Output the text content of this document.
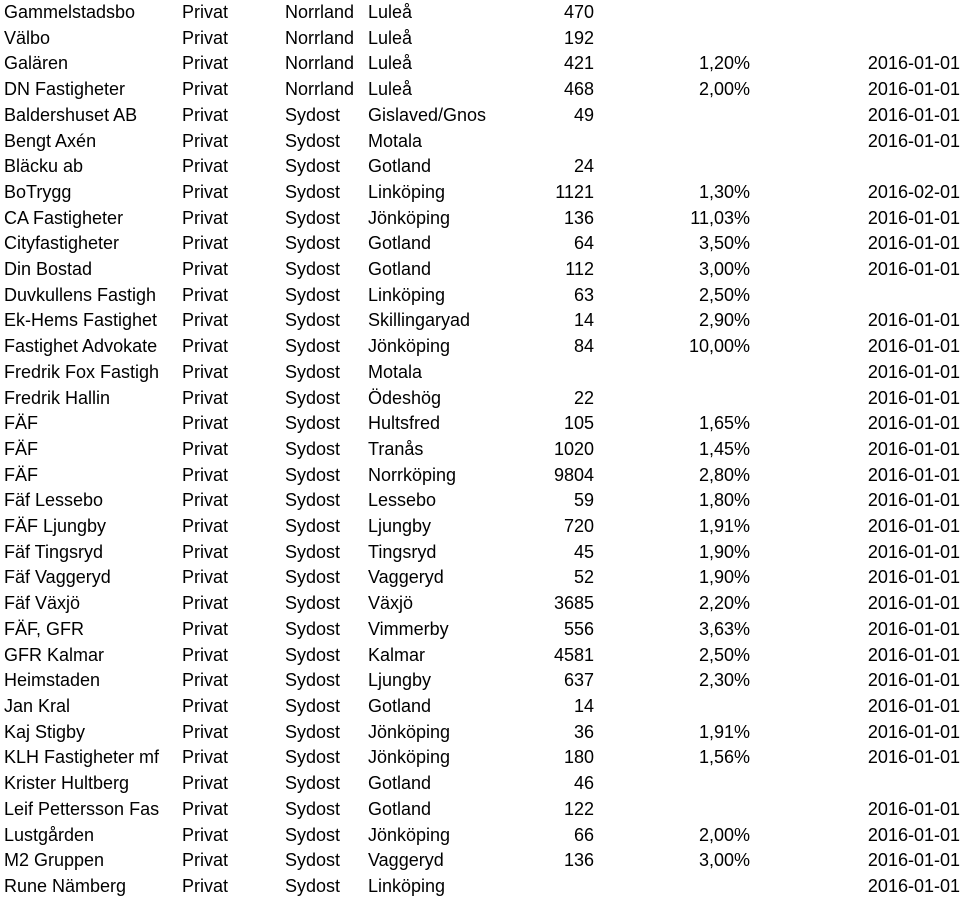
Gammelstadsbo	Privat	Norrland	Luleå	470		
Välbo	Privat	Norrland	Luleå	192		
Galären	Privat	Norrland	Luleå	421	1,20%	2016-01-01
DN Fastigheter	Privat	Norrland	Luleå	468	2,00%	2016-01-01
Baldershuset AB	Privat	Sydost	Gislaved/Gnos	49		2016-01-01
Bengt Axén	Privat	Sydost	Motala			2016-01-01
Bläcku ab	Privat	Sydost	Gotland	24		
BoTrygg	Privat	Sydost	Linköping	1121	1,30%	2016-02-01
CA Fastigheter	Privat	Sydost	Jönköping	136	11,03%	2016-01-01
Cityfastigheter	Privat	Sydost	Gotland	64	3,50%	2016-01-01
Din Bostad	Privat	Sydost	Gotland	112	3,00%	2016-01-01
Duvkullens Fastigh	Privat	Sydost	Linköping	63	2,50%	
Ek-Hems Fastighet	Privat	Sydost	Skillingaryad	14	2,90%	2016-01-01
Fastighet Advokate	Privat	Sydost	Jönköping	84	10,00%	2016-01-01
Fredrik Fox Fastigh	Privat	Sydost	Motala			2016-01-01
Fredrik Hallin	Privat	Sydost	Ödeshög	22		2016-01-01
FÄF	Privat	Sydost	Hultsfred	105	1,65%	2016-01-01
FÄF	Privat	Sydost	Tranås	1020	1,45%	2016-01-01
FÄF	Privat	Sydost	Norrköping	9804	2,80%	2016-01-01
Fäf Lessebo	Privat	Sydost	Lessebo	59	1,80%	2016-01-01
FÄF Ljungby	Privat	Sydost	Ljungby	720	1,91%	2016-01-01
Fäf Tingsryd	Privat	Sydost	Tingsryd	45	1,90%	2016-01-01
Fäf Vaggeryd	Privat	Sydost	Vaggeryd	52	1,90%	2016-01-01
Fäf Växjö	Privat	Sydost	Växjö	3685	2,20%	2016-01-01
FÄF, GFR	Privat	Sydost	Vimmerby	556	3,63%	2016-01-01
GFR Kalmar	Privat	Sydost	Kalmar	4581	2,50%	2016-01-01
Heimstaden	Privat	Sydost	Ljungby	637	2,30%	2016-01-01
Jan Kral	Privat	Sydost	Gotland	14		2016-01-01
Kaj Stigby	Privat	Sydost	Jönköping	36	1,91%	2016-01-01
KLH Fastigheter mf	Privat	Sydost	Jönköping	180	1,56%	2016-01-01
Krister Hultberg	Privat	Sydost	Gotland	46		
Leif Pettersson Fas	Privat	Sydost	Gotland	122		2016-01-01
Lustgården	Privat	Sydost	Jönköping	66	2,00%	2016-01-01
M2 Gruppen	Privat	Sydost	Vaggeryd	136	3,00%	2016-01-01
Rune Nämberg	Privat	Sydost	Linköping			2016-01-01
